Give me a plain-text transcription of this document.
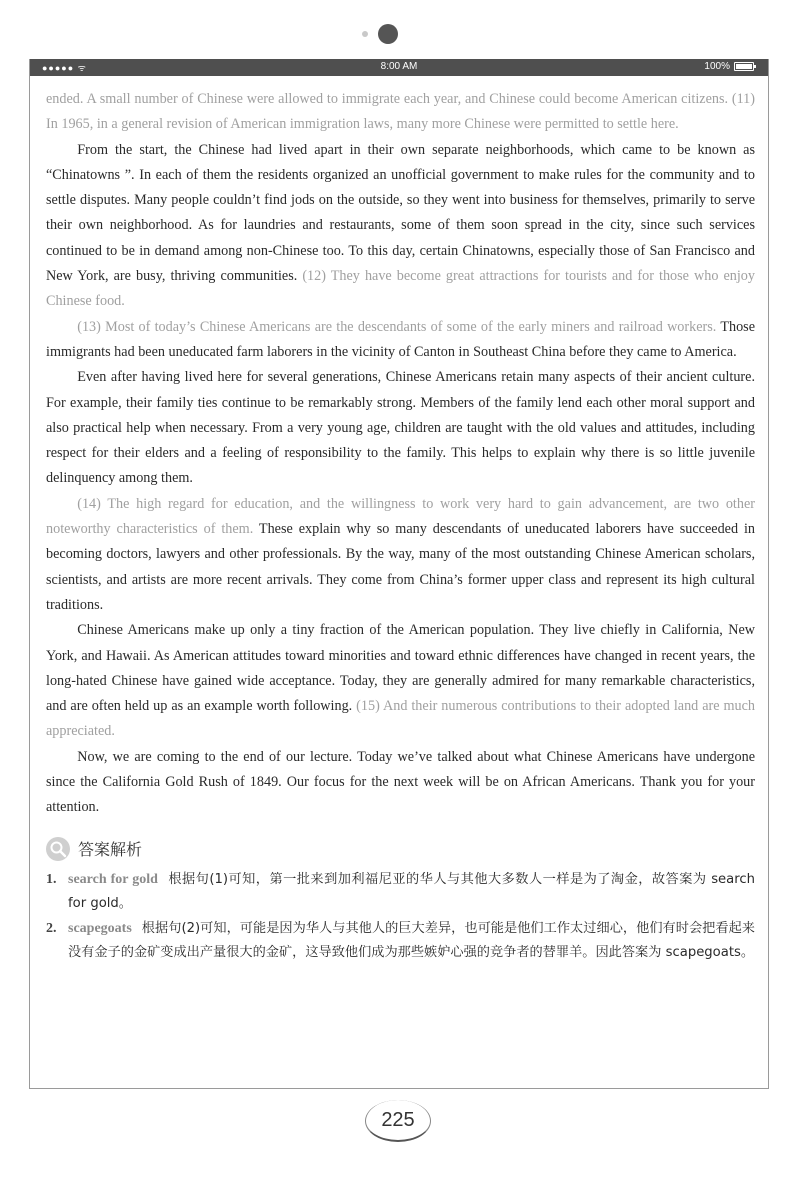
●●●●● ᯤ	8:00 AM	100%

ended. A small number of Chinese were allowed to immigrate each year, and Chinese could become American citizens. (11) In 1965, in a general revision of American immigration laws, many more Chinese were permitted to settle here.

From the start, the Chinese had lived apart in their own separate neighborhoods, which came to be known as “Chinatowns ”. In each of them the residents organized an unofficial government to make rules for the community and to settle disputes. Many people couldn’t find jods on the outside, so they went into business for themselves, primarily to serve their own neighborhood. As for laundries and restaurants, some of them soon spread in the city, since such services continued to be in demand among non-Chinese too. To this day, certain Chinatowns, especially those of San Francisco and New York, are busy, thriving communities. (12) They have become great attractions for tourists and for those who enjoy Chinese food.

(13) Most of today’s Chinese Americans are the descendants of some of the early miners and railroad workers. Those immigrants had been uneducated farm laborers in the vicinity of Canton in Southeast China before they came to America.

Even after having lived here for several generations, Chinese Americans retain many aspects of their ancient culture. For example, their family ties continue to be remarkably strong. Members of the family lend each other moral support and also practical help when necessary. From a very young age, children are taught with the old values and attitudes, including respect for their elders and a feeling of responsibility to the family. This helps to explain why there is so little juvenile delinquency among them.

(14) The high regard for education, and the willingness to work very hard to gain advancement, are two other noteworthy characteristics of them. These explain why so many descendants of uneducated laborers have succeeded in becoming doctors, lawyers and other professionals. By the way, many of the most outstanding Chinese American scholars, scientists, and artists are more recent arrivals. They come from China’s former upper class and represent its high cultural traditions.

Chinese Americans make up only a tiny fraction of the American population. They live chiefly in California, New York, and Hawaii. As American attitudes toward minorities and toward ethnic differences have changed in recent years, the long-hated Chinese have gained wide acceptance. Today, they are generally admired for many remarkable characteristics, and are often held up as an example worth following. (15) And their numerous contributions to their adopted land are much appreciated.

Now, we are coming to the end of our lecture. Today we’ve talked about what Chinese Americans have undergone since the California Gold Rush of 1849. Our focus for the next week will be on African Americans. Thank you for your attention.

答案解析
1. search for gold 根据句(1)可知，第一批来到加利福尼亚的华人与其他大多数人一样是为了淘金，故答案为 search for gold。
2. scapegoats 根据句(2)可知，可能是因为华人与其他人的巨大差异，也可能是他们工作太过细心，他们有时会把看起来没有金子的金矿变成出产量很大的金矿，这导致他们成为那些嫉妒心强的竞争者的替罪羊。因此答案为 scapegoats。
225
